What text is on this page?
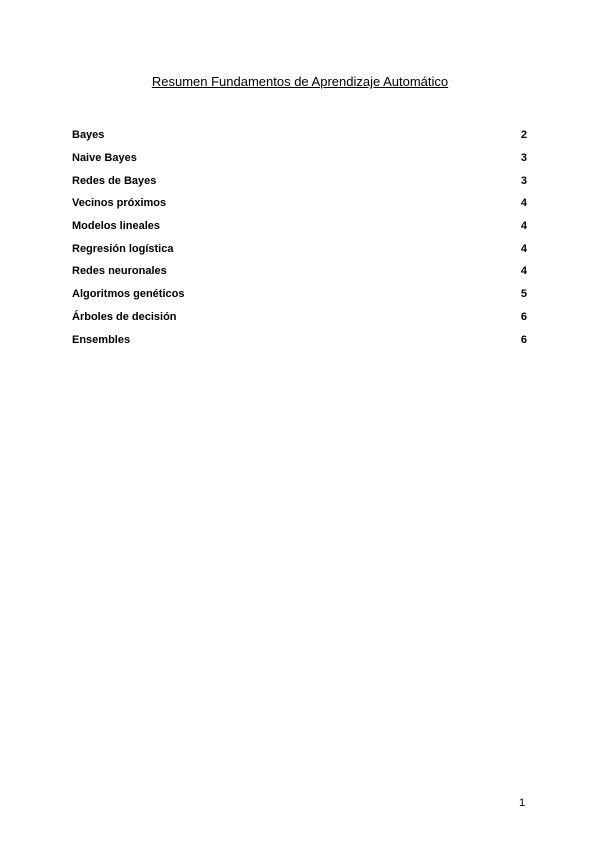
Resumen Fundamentos de Aprendizaje Automático
Bayes	2
Naive Bayes	3
Redes de Bayes	3
Vecinos próximos	4
Modelos lineales	4
Regresión logística	4
Redes neuronales	4
Algoritmos genéticos	5
Árboles de decisión	6
Ensembles	6
1
